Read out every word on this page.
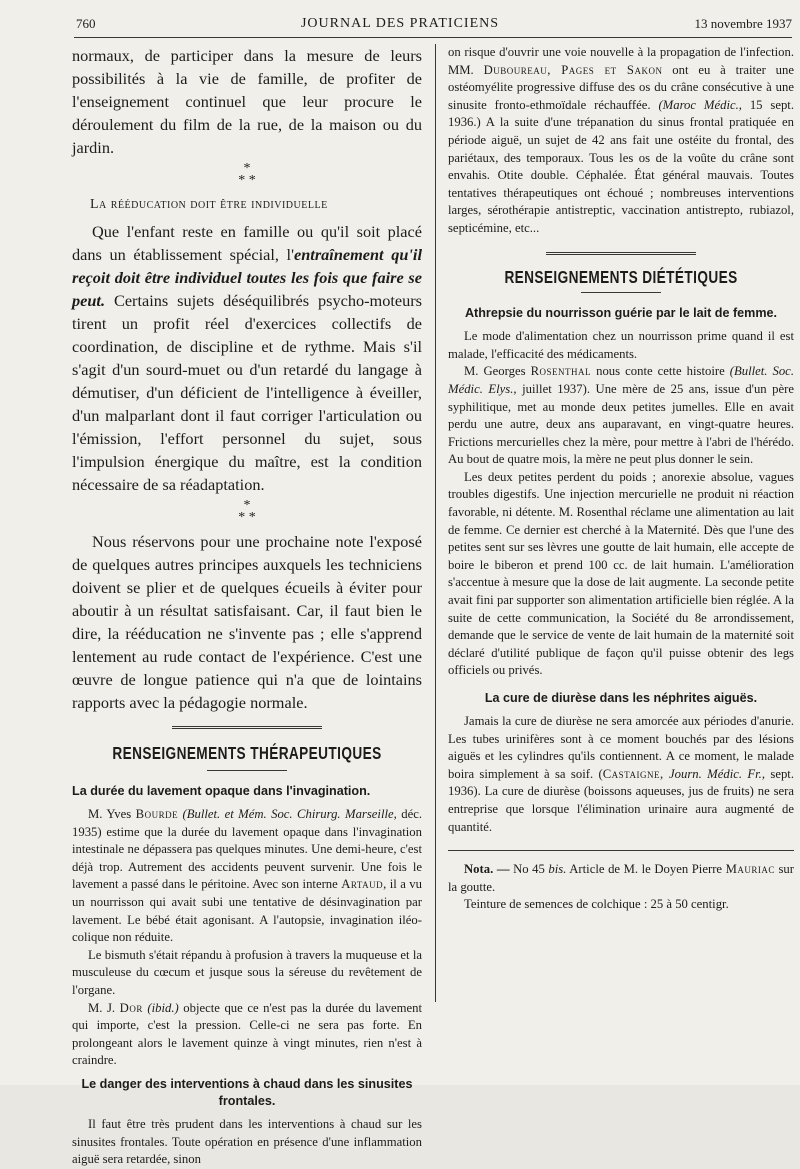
760	JOURNAL DES PRATICIENS	13 novembre 1937

normaux, de participer dans la mesure de leurs possibilités à la vie de famille, de profiter de l'enseignement continuel que leur procure le déroulement du film de la rue, de la maison ou du jardin.

*
* *
La rééducation doit être individuelle

Que l'enfant reste en famille ou qu'il soit placé dans un établissement spécial, l'entraînement qu'il reçoit doit être individuel toutes les fois que faire se peut. Certains sujets déséquilibrés psycho-moteurs tirent un profit réel d'exercices collectifs de coordination, de discipline et de rythme. Mais s'il s'agit d'un sourd-muet ou d'un retardé du langage à démutiser, d'un déficient de l'intelligence à éveiller, d'un malparlant dont il faut corriger l'articulation ou l'émission, l'effort personnel du sujet, sous l'impulsion énergique du maître, est la condition nécessaire de sa réadaptation.

*
* *

Nous réservons pour une prochaine note l'exposé de quelques autres principes auxquels les techniciens doivent se plier et de quelques écueils à éviter pour aboutir à un résultat satisfaisant. Car, il faut bien le dire, la rééducation ne s'invente pas ; elle s'apprend lentement au rude contact de l'expérience. C'est une œuvre de longue patience qui n'a que de lointains rapports avec la pédagogie normale.

RENSEIGNEMENTS THÉRAPEUTIQUES
La durée du lavement opaque dans l'invagination.

M. Yves Bourde (Bullet. et Mém. Soc. Chirurg. Marseille, déc. 1935) estime que la durée du lavement opaque dans l'invagination intestinale ne dépassera pas quelques minutes. Une demi-heure, c'est déjà trop. Autrement des accidents peuvent survenir. Une fois le lavement a passé dans le péritoine. Avec son interne Artaud, il a vu un nourrisson qui avait subi une tentative de désinvagination par lavement. Le bébé était agonisant. A l'autopsie, invagination iléo-colique non réduite.

Le bismuth s'était répandu à profusion à travers la muqueuse et la musculeuse du cœcum et jusque sous la séreuse du revêtement de l'organe.

M. J. Dor (ibid.) objecte que ce n'est pas la durée du lavement qui importe, c'est la pression. Celle-ci ne sera pas forte. En prolongeant alors le lavement quinze à vingt minutes, rien n'est à craindre.

Le danger des interventions à chaud dans les sinusites frontales.

Il faut être très prudent dans les interventions à chaud sur les sinusites frontales. Toute opération en présence d'une inflammation aiguë sera retardée, sinon

on risque d'ouvrir une voie nouvelle à la propagation de l'infection. MM. Duboureau, Pages et Sakon ont eu à traiter une ostéomyélite progressive diffuse des os du crâne consécutive à une sinusite fronto-ethmoïdale réchauffée. (Maroc Médic., 15 sept. 1936.) A la suite d'une trépanation du sinus frontal pratiquée en période aiguë, un sujet de 42 ans fait une ostéite du frontal, des pariétaux, des temporaux. Tous les os de la voûte du crâne sont envahis. Otite double. Céphalée. État général mauvais. Toutes tentatives thérapeutiques ont échoué ; nombreuses interventions larges, sérothérapie antistreptic, vaccination antistrepto, rubiazol, septicémine, etc...

RENSEIGNEMENTS DIÉTÉTIQUES
Athrepsie du nourrisson guérie par le lait de femme.

Le mode d'alimentation chez un nourrisson prime quand il est malade, l'efficacité des médicaments.

M. Georges Rosenthal nous conte cette histoire (Bullet. Soc. Médic. Elys., juillet 1937). Une mère de 25 ans, issue d'un père syphilitique, met au monde deux petites jumelles. Elle en avait perdu une autre, deux ans auparavant, en vingt-quatre heures. Frictions mercurielles chez la mère, pour mettre à l'abri de l'hérédo. Au bout de quatre mois, la mère ne peut plus donner le sein.

Les deux petites perdent du poids ; anorexie absolue, vagues troubles digestifs. Une injection mercurielle ne produit ni réaction favorable, ni détente. M. Rosenthal réclame une alimentation au lait de femme. Ce dernier est cherché à la Maternité. Dès que l'une des petites sent sur ses lèvres une goutte de lait humain, elle accepte de boire le biberon et prend 100 cc. de lait humain. L'amélioration s'accentue à mesure que la dose de lait augmente. La seconde petite avait fini par supporter son alimentation artificielle bien réglée. A la suite de cette communication, la Société du 8e arrondissement, demande que le service de vente de lait humain de la maternité soit déclaré d'utilité publique de façon qu'il puisse obtenir des legs officiels ou privés.

La cure de diurèse dans les néphrites aiguës.

Jamais la cure de diurèse ne sera amorcée aux périodes d'anurie. Les tubes urinifères sont à ce moment bouchés par des lésions aiguës et les cylindres qu'ils contiennent. A ce moment, le malade boira simplement à sa soif. (Castaigne, Journ. Médic. Fr., sept. 1936). La cure de diurèse (boissons aqueuses, jus de fruits) ne sera entreprise que lorsque l'élimination urinaire aura augmenté de quantité.

Nota. — No 45 bis. Article de M. le Doyen Pierre Mauriac sur la goutte.

Teinture de semences de colchique : 25 à 50 centigr.
